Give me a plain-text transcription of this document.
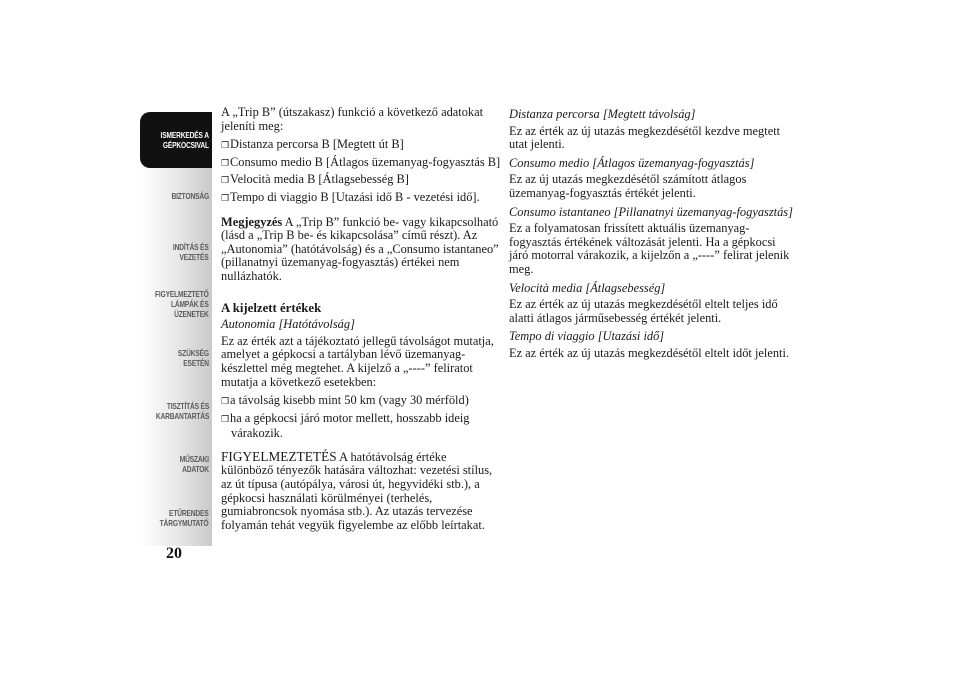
ISMERKEDÉS A
GÉPKOCSIVAL
BIZTONSÁG
INDÍTÁS ÉS
VEZETÉS
FIGYELMEZTETŐ
LÁMPÁK ÉS
ÜZENETEK
SZÜKSÉG ESETÉN
TISZTÍTÁS ÉS
KARBANTARTÁS
MŰSZAKI ADATOK
ETŰRENDES
TÁRGYMUTATÓ
20

A „Trip B” (útszakasz) funkció a következő adatokat jeleníti meg:

❒Distanza percorsa B [Megtett út B]

❒Consumo medio B [Átlagos üzemanyag-fogyasztás B]

❒Velocità media B [Átlagsebesség B]

❒Tempo di viaggio B [Utazási idő B - vezetési idő].

Megjegyzés A „Trip B” funkció be- vagy kikapcsolható (lásd a „Trip B be- és kikapcsolása” című részt). Az „Autonomia” (hatótávolság) és a „Consumo istantaneo” (pillanatnyi üzemanyag-fogyasztás) értékei nem nullázhatók.

A kijelzett értékek

Autonomia [Hatótávolság]

Ez az érték azt a tájékoztató jellegű távolságot mutatja, amelyet a gépkocsi a tartályban lévő üzemanyag-készlettel még megtehet. A kijelző a „----” feliratot mutatja a következő esetekben:

❒a távolság kisebb mint 50 km (vagy 30 mérföld)

❒ha a gépkocsi járó motor mellett, hosszabb ideig várakozik.

FIGYELMEZTETÉS A hatótávolság értéke különböző tényezők hatására változhat: vezetési stílus, az út típusa (autópálya, városi út, hegyvidéki stb.), a gépkocsi használati körülményei (terhelés, gumiabroncsok nyomása stb.). Az utazás tervezése folyamán tehát vegyük figyelembe az előbb leírtakat.

Distanza percorsa [Megtett távolság]

Ez az érték az új utazás megkezdésétől kezdve megtett utat jelenti.

Consumo medio [Átlagos üzemanyag-fogyasztás]

Ez az új utazás megkezdésétől számított átlagos üzemanyag-fogyasztás értékét jelenti.

Consumo istantaneo [Pillanatnyi üzemanyag-fogyasztás]

Ez a folyamatosan frissített aktuális üzemanyag-fogyasztás értékének változását jelenti. Ha a gépkocsi járó motorral várakozik, a kijelzőn a „----” felirat jelenik meg.

Velocità media [Átlagsebesség]

Ez az érték az új utazás megkezdésétől eltelt teljes idő alatti átlagos járműsebesség értékét jelenti.

Tempo di viaggio [Utazási idő]

Ez az érték az új utazás megkezdésétől eltelt időt jelenti.
